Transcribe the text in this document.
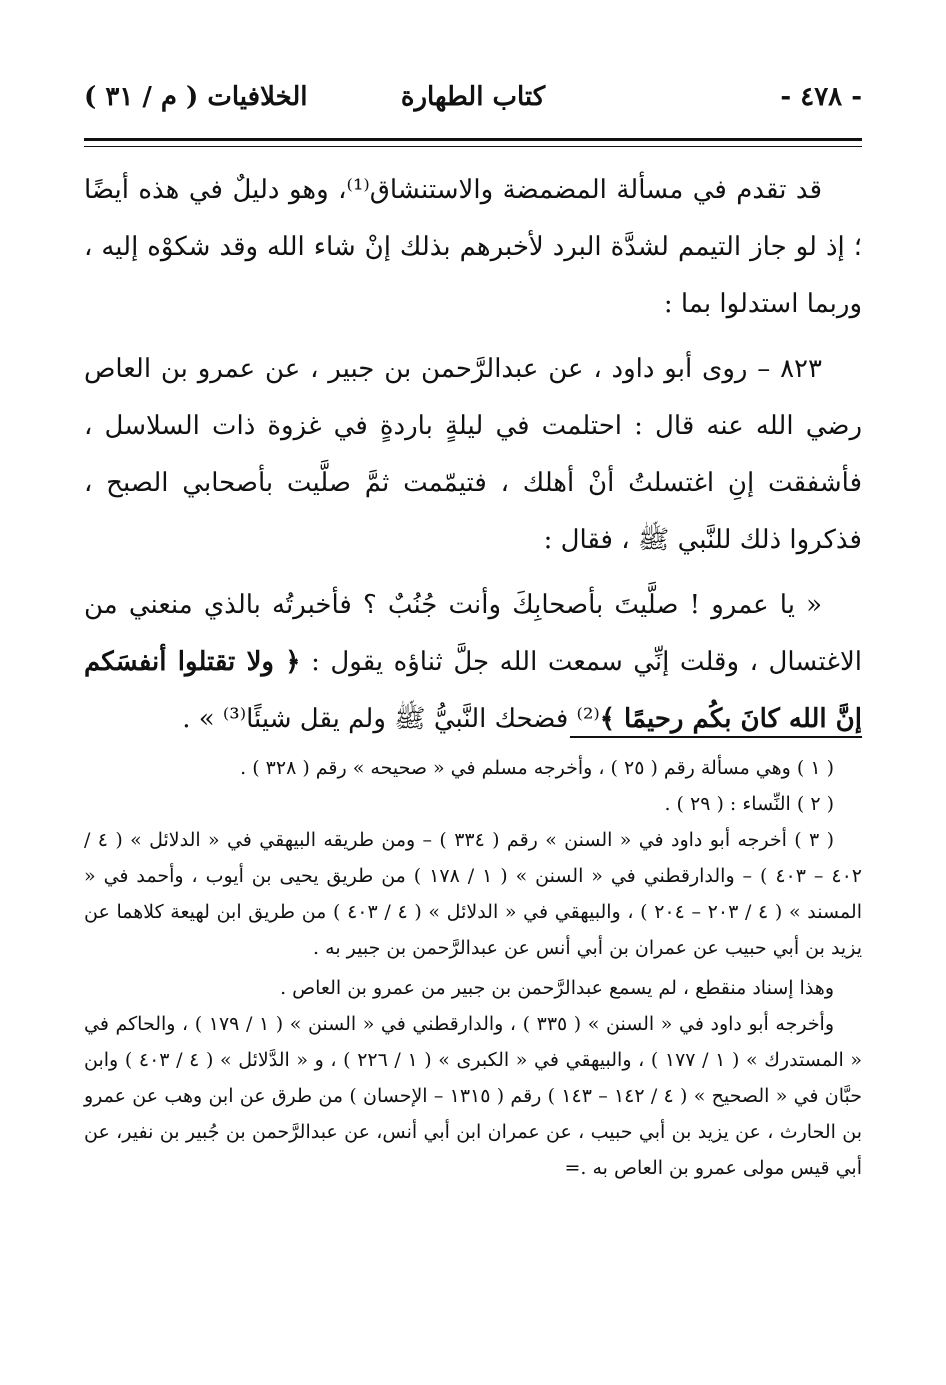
- ٤٧٨ -
كتاب الطهارة
الخلافيات ( م / ٣١ )

قد تقدم في مسألة المضمضة والاستنشاق⁽¹⁾، وهو دليلٌ في هذه أيضًا ؛ إذ لو جاز التيمم لشدَّة البرد لأخبرهم بذلك إنْ شاء الله وقد شكوْه إليه ، وربما استدلوا بما :

٨٢٣ – روى أبو داود ، عن عبدالرَّحمن بن جبير ، عن عمرو بن العاص رضي الله عنه قال : احتلمت في ليلةٍ باردةٍ في غزوة ذات السلاسل ، فأشفقت إنِ اغتسلتُ أنْ أهلك ، فتيمّمت ثمَّ صلَّيت بأصحابي الصبح ، فذكروا ذلك للنَّبي ﷺ ، فقال :

« يا عمرو ! صلَّيتَ بأصحابِكَ وأنت جُنُبٌ ؟ فأخبرتُه بالذي منعني من الاغتسال ، وقلت إنِّي سمعت الله جلَّ ثناؤه يقول : ﴿ ولا تقتلوا أنفسَكم إنَّ الله كانَ بكُم رحيمًا ﴾⁽²⁾ فضحك النَّبيُّ ﷺ ولم يقل شيئًا⁽³⁾ » .

( ١ ) وهي مسألة رقم ( ٢٥ ) ، وأخرجه مسلم في « صحيحه » رقم ( ٣٢٨ ) .

( ٢ ) النِّساء : ( ٢٩ ) .

( ٣ ) أخرجه أبو داود في « السنن » رقم ( ٣٣٤ ) – ومن طريقه البيهقي في « الدلائل » ( ٤ / ٤٠٢ – ٤٠٣ ) – والدارقطني في « السنن » ( ١ / ١٧٨ ) من طريق يحيى بن أيوب ، وأحمد في « المسند » ( ٤ / ٢٠٣ – ٢٠٤ ) ، والبيهقي في « الدلائل » ( ٤ / ٤٠٣ ) من طريق ابن لهيعة كلاهما عن يزيد بن أبي حبيب عن عمران بن أبي أنس عن عبدالرَّحمن بن جبير به .

وهذا إسناد منقطع ، لم يسمع عبدالرَّحمن بن جبير من عمرو بن العاص .

وأخرجه أبو داود في « السنن » ( ٣٣٥ ) ، والدارقطني في « السنن » ( ١ / ١٧٩ ) ، والحاكم في « المستدرك » ( ١ / ١٧٧ ) ، والبيهقي في « الكبرى » ( ١ / ٢٢٦ ) ، و « الدَّلائل » ( ٤ / ٤٠٣ ) وابن حبَّان في « الصحيح » ( ٤ / ١٤٢ – ١٤٣ ) رقم ( ١٣١٥ – الإحسان ) من طرق عن ابن وهب عن عمرو بن الحارث ، عن يزيد بن أبي حبيب ، عن عمران ابن أبي أنس، عن عبدالرَّحمن بن جُبير بن نفير، عن أبي قيس مولى عمرو بن العاص به .=
